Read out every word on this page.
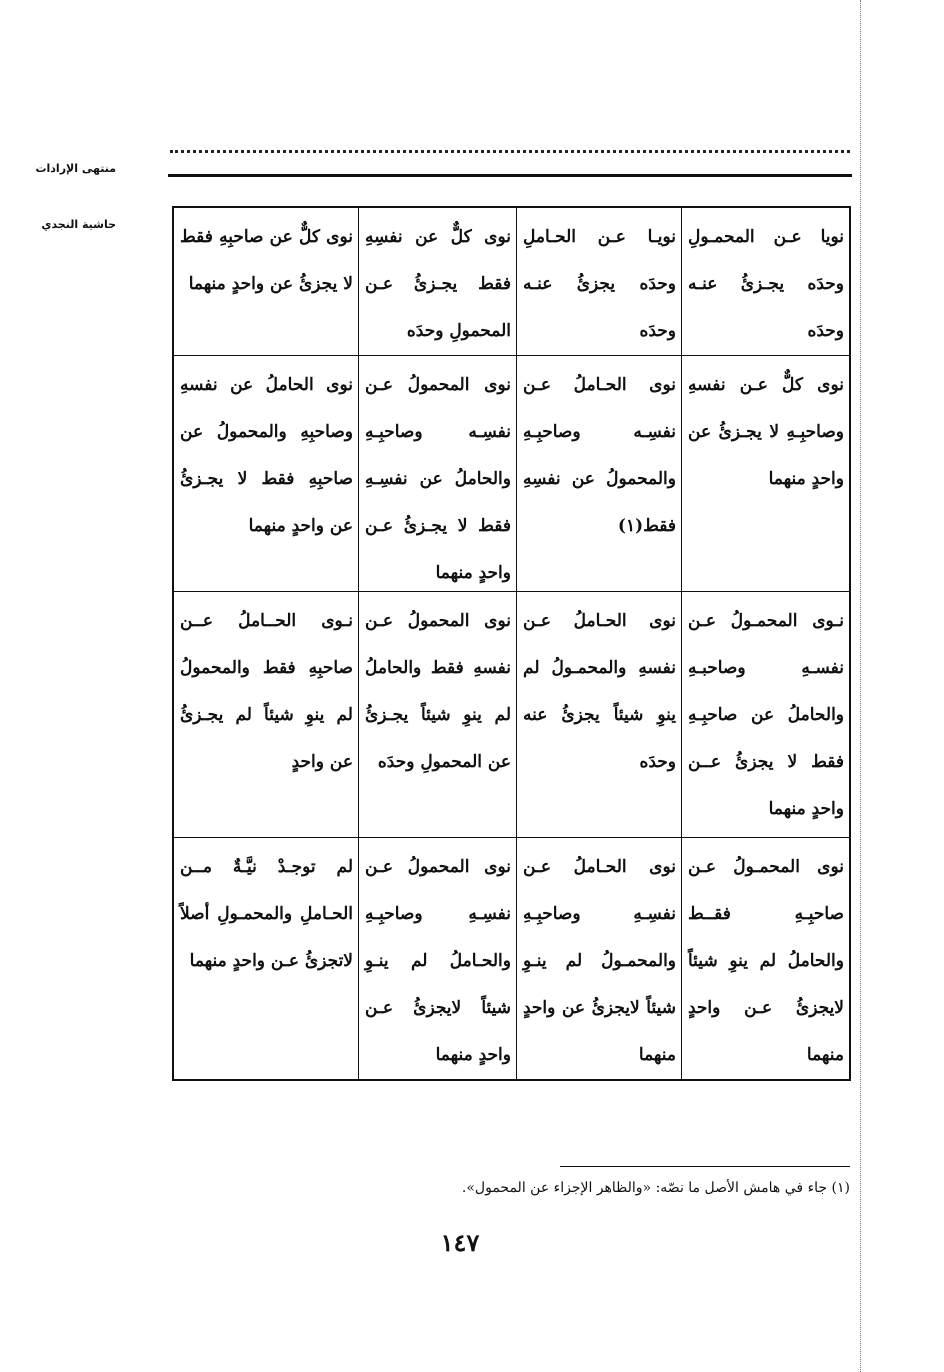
منتهى الإرادات
حاشية النجدي
نويا عـن المحمـولِ وحدَه يجـزئُ عنـه وحدَه
نويـا عـن الحـاملِ وحدَه يجزئُ عنـه وحدَه
نوى كلٌّ عن نفسِهِ فقط يجـزئُ عـن المحمولِ وحدَه
نوى كلٌّ عن صاحبِهِ فقط لا يجزئُ عن واحدٍ منهما
نوى كلٌّ عـن نفسهِ وصاحبِـهِ لا يجـزئُ عن واحدٍ منهما
نوى الحـاملُ عـن نفسِـه وصاحبِـهِ والمحمولُ عن نفسِهِ فقط(١)
نوى المحمولُ عـن نفسِـه وصاحبِـهِ والحاملُ عن نفسِـهِ فقط لا يجـزئُ عـن واحدٍ منهما
نوى الحاملُ عن نفسهِ وصاحبِهِ والمحمولُ عن صاحبِهِ فقط لا يجـزئُ عن واحدٍ منهما
نـوى المحمـولُ عـن نفسـهِ وصاحبـهِ والحاملُ عن صاحبِـهِ فقط لا يجزئُ عــن واحدٍ منهما
نوى الحـاملُ عـن نفسهِ والمحمـولُ لم ينوِ شيئاً يجزئُ عنه وحدَه
نوى المحمولُ عـن نفسهِ فقط والحاملُ لم ينوِ شيئاً يجـزئُ عن المحمولِ وحدَه
نـوى الحــاملُ عــن صاحبِهِ فقط والمحمولُ لم ينوِ شيئاً لم يجـزئُ عن واحدٍ
نوى المحمـولُ عـن صاحبِـهِ فقــط والحاملُ لم ينوِ شيئاً لايجزئُ عـن واحدٍ منهما
نوى الحـاملُ عـن نفسِـهِ وصاحبِـهِ والمحمـولُ لم ينـوِ شيئاً لايجزئُ عن واحدٍ منهما
نوى المحمولُ عـن نفسِـهِ وصاحبِـهِ والحـاملُ لم ينـوِ شيئاً لايجزئُ عـن واحدٍ منهما
لم توجـدْ نيَّـةٌ مــن الحـاملِ والمحمـولِ أصلاً لاتجزئُ عـن واحدٍ منهما
(١) جاء في هامش الأصل ما نصّه: «والظاهر الإجزاء عن المحمول».
١٤٧
